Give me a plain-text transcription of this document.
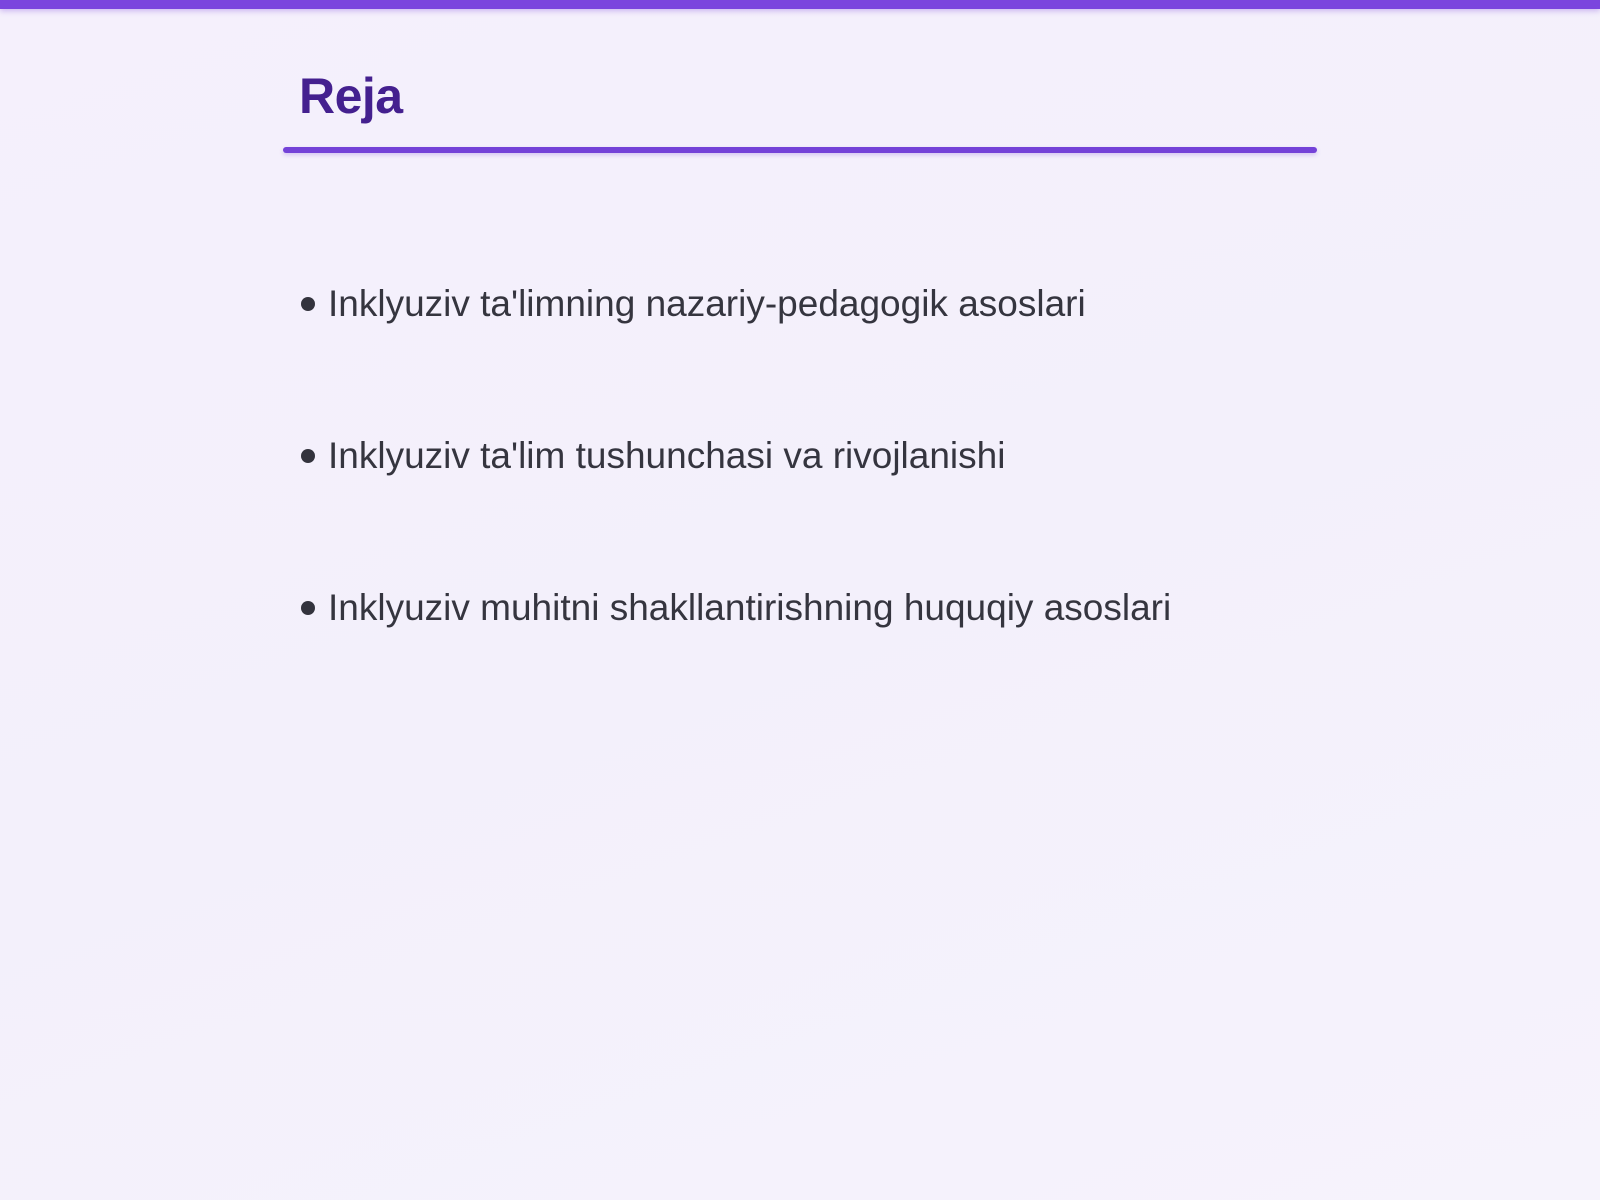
Reja
Inklyuziv ta'limning nazariy-pedagogik asoslari
Inklyuziv ta'lim tushunchasi va rivojlanishi
Inklyuziv muhitni shakllantirishning huquqiy asoslari
